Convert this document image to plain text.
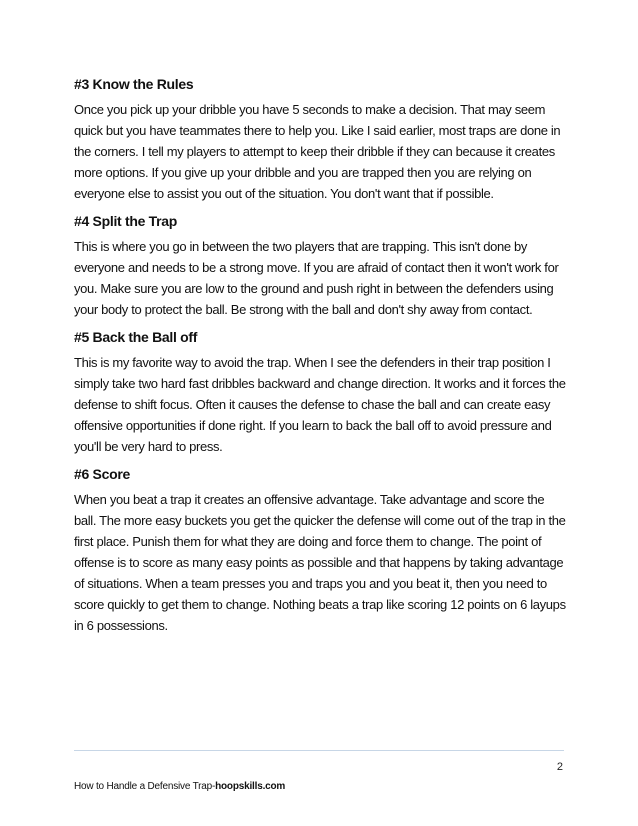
#3 Know the Rules
Once you pick up your dribble you have 5 seconds to make a decision. That may seem quick but you have teammates there to help you. Like I said earlier, most traps are done in the corners. I tell my players to attempt to keep their dribble if they can because it creates more options. If you give up your dribble and you are trapped then you are relying on everyone else to assist you out of the situation. You don't want that if possible.
#4 Split the Trap
This is where you go in between the two players that are trapping. This isn't done by everyone and needs to be a strong move. If you are afraid of contact then it won't work for you. Make sure you are low to the ground and push right in between the defenders using your body to protect the ball. Be strong with the ball and don't shy away from contact.
#5 Back the Ball off
This is my favorite way to avoid the trap. When I see the defenders in their trap position I simply take two hard fast dribbles backward and change direction. It works and it forces the defense to shift focus. Often it causes the defense to chase the ball and can create easy offensive opportunities if done right. If you learn to back the ball off to avoid pressure and you'll be very hard to press.
#6 Score
When you beat a trap it creates an offensive advantage. Take advantage and score the ball. The more easy buckets you get the quicker the defense will come out of the trap in the first place. Punish them for what they are doing and force them to change. The point of offense is to score as many easy points as possible and that happens by taking advantage of situations. When a team presses you and traps you and you beat it, then you need to score quickly to get them to change. Nothing beats a trap like scoring 12 points on 6 layups in 6 possessions.
2
How to Handle a Defensive Trap-hoopskills.com
